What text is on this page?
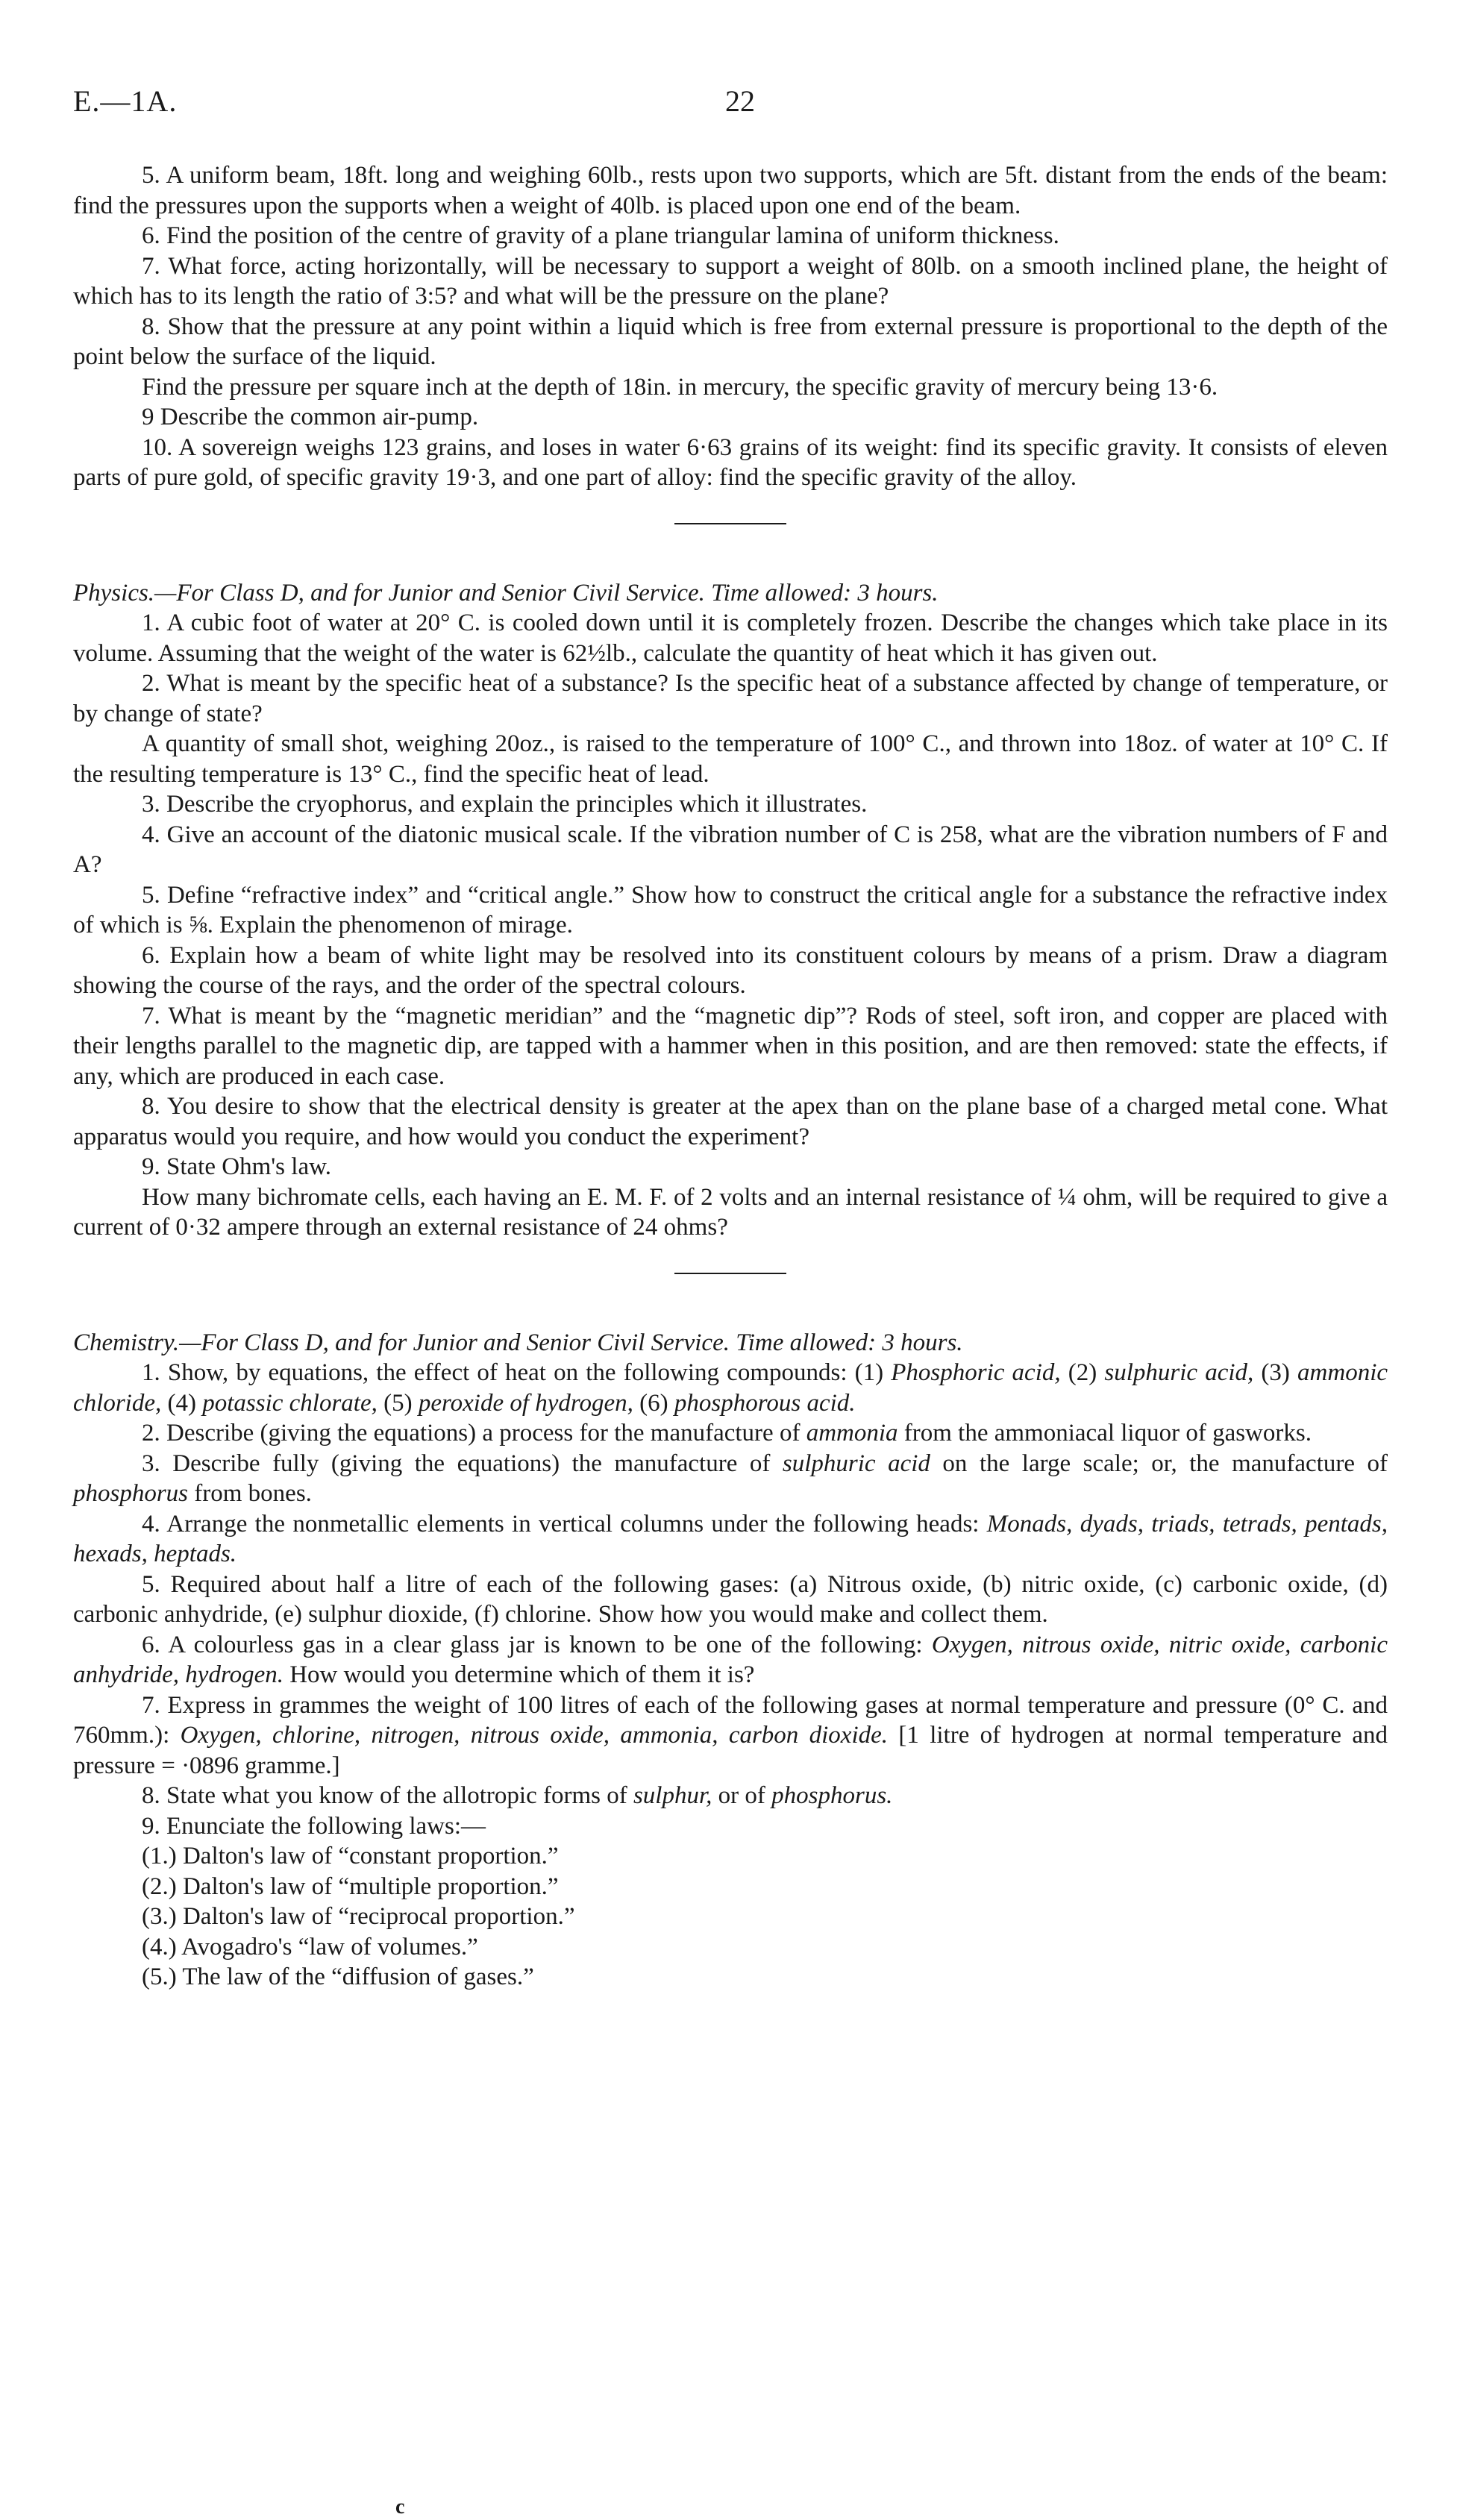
E.—1A.	22

5. A uniform beam, 18ft. long and weighing 60lb., rests upon two supports, which are 5ft. distant from the ends of the beam: find the pressures upon the supports when a weight of 40lb. is placed upon one end of the beam.

6. Find the position of the centre of gravity of a plane triangular lamina of uniform thickness.

7. What force, acting horizontally, will be necessary to support a weight of 80lb. on a smooth inclined plane, the height of which has to its length the ratio of 3:5? and what will be the pressure on the plane?

8. Show that the pressure at any point within a liquid which is free from external pressure is proportional to the depth of the point below the surface of the liquid.

Find the pressure per square inch at the depth of 18in. in mercury, the specific gravity of mercury being 13·6.

9 Describe the common air-pump.

10. A sovereign weighs 123 grains, and loses in water 6·63 grains of its weight: find its specific gravity. It consists of eleven parts of pure gold, of specific gravity 19·3, and one part of alloy: find the specific gravity of the alloy.

Physics.—For Class D, and for Junior and Senior Civil Service. Time allowed: 3 hours.

1. A cubic foot of water at 20° C. is cooled down until it is completely frozen. Describe the changes which take place in its volume. Assuming that the weight of the water is 62½lb., calculate the quantity of heat which it has given out.

2. What is meant by the specific heat of a substance? Is the specific heat of a substance affected by change of temperature, or by change of state?

A quantity of small shot, weighing 20oz., is raised to the temperature of 100° C., and thrown into 18oz. of water at 10° C. If the resulting temperature is 13° C., find the specific heat of lead.

3. Describe the cryophorus, and explain the principles which it illustrates.

4. Give an account of the diatonic musical scale. If the vibration number of C is 258, what are the vibration numbers of F and A?

5. Define “refractive index” and “critical angle.” Show how to construct the critical angle for a substance the refractive index of which is ⅝. Explain the phenomenon of mirage.

6. Explain how a beam of white light may be resolved into its constituent colours by means of a prism. Draw a diagram showing the course of the rays, and the order of the spectral colours.

7. What is meant by the “magnetic meridian” and the “magnetic dip”? Rods of steel, soft iron, and copper are placed with their lengths parallel to the magnetic dip, are tapped with a hammer when in this position, and are then removed: state the effects, if any, which are produced in each case.

8. You desire to show that the electrical density is greater at the apex than on the plane base of a charged metal cone. What apparatus would you require, and how would you conduct the experiment?

9. State Ohm's law.

How many bichromate cells, each having an E. M. F. of 2 volts and an internal resistance of ¼ ohm, will be required to give a current of 0·32 ampere through an external resistance of 24 ohms?

Chemistry.—For Class D, and for Junior and Senior Civil Service. Time allowed: 3 hours.

1. Show, by equations, the effect of heat on the following compounds: (1) Phosphoric acid, (2) sulphuric acid, (3) ammonic chloride, (4) potassic chlorate, (5) peroxide of hydrogen, (6) phosphorous acid.

2. Describe (giving the equations) a process for the manufacture of ammonia from the ammoniacal liquor of gasworks.

3. Describe fully (giving the equations) the manufacture of sulphuric acid on the large scale; or, the manufacture of phosphorus from bones.

4. Arrange the nonmetallic elements in vertical columns under the following heads: Monads, dyads, triads, tetrads, pentads, hexads, heptads.

5. Required about half a litre of each of the following gases: (a) Nitrous oxide, (b) nitric oxide, (c) carbonic oxide, (d) carbonic anhydride, (e) sulphur dioxide, (f) chlorine. Show how you would make and collect them.

6. A colourless gas in a clear glass jar is known to be one of the following: Oxygen, nitrous oxide, nitric oxide, carbonic anhydride, hydrogen. How would you determine which of them it is?

7. Express in grammes the weight of 100 litres of each of the following gases at normal temperature and pressure (0° C. and 760mm.): Oxygen, chlorine, nitrogen, nitrous oxide, ammonia, carbon dioxide. [1 litre of hydrogen at normal temperature and pressure = ·0896 gramme.]

8. State what you know of the allotropic forms of sulphur, or of phosphorus.

9. Enunciate the following laws:—

(1.) Dalton's law of “constant proportion.”

(2.) Dalton's law of “multiple proportion.”

(3.) Dalton's law of “reciprocal proportion.”

(4.) Avogadro's “law of volumes.”

(5.) The law of the “diffusion of gases.”

c
